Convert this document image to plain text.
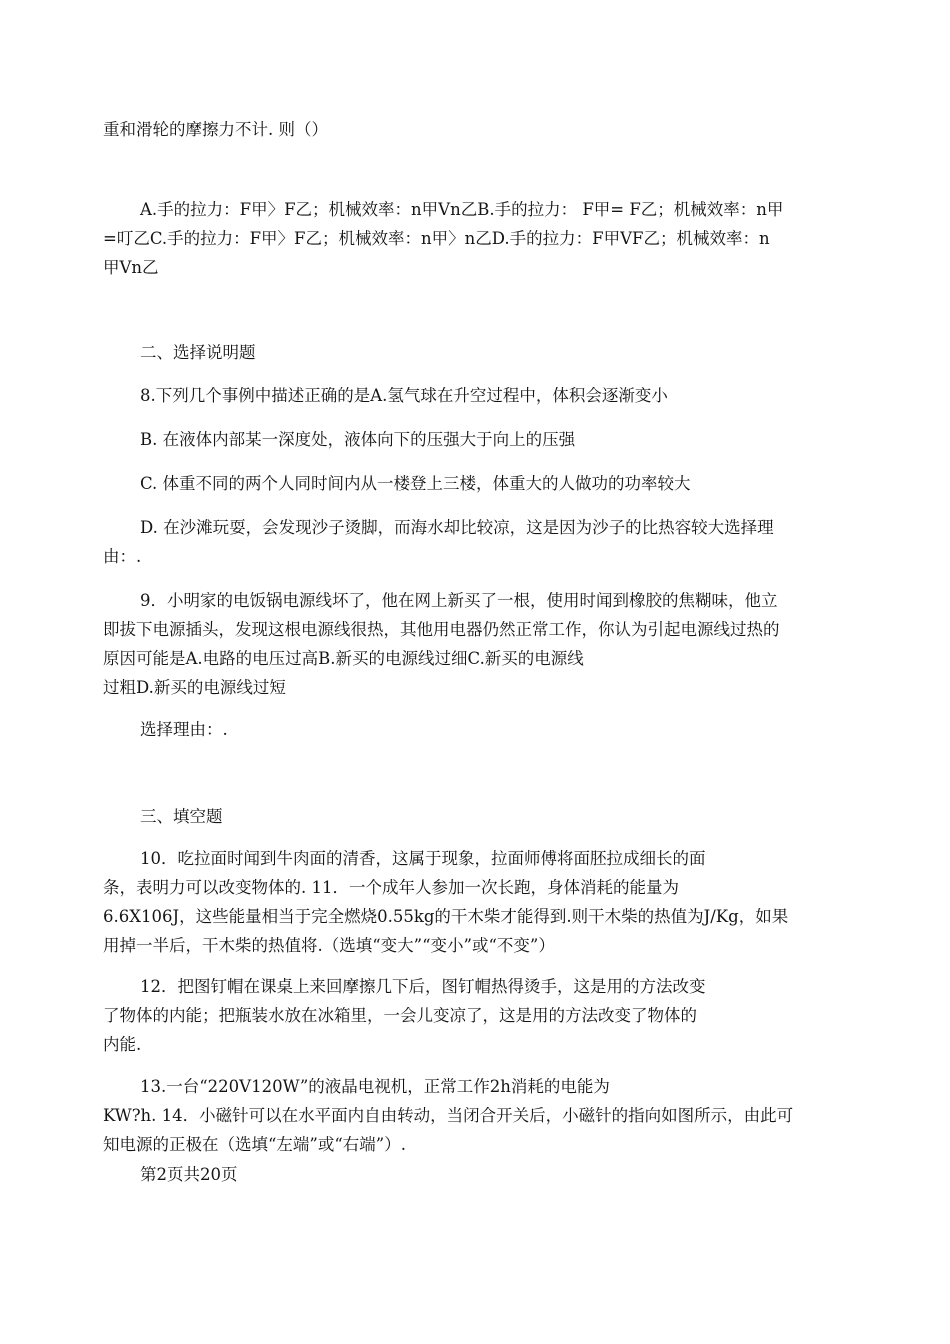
重和滑轮的摩擦力不计. 则（）
A.手的拉力：F甲〉F乙；机械效率：n甲Vn乙B.手的拉力： F甲= F乙；机械效率：n甲
=叮乙C.手的拉力：F甲〉F乙；机械效率：n甲〉n乙D.手的拉力：F甲VF乙；机械效率：n
甲Vn乙
二、选择说明题
8.下列几个事例中描述正确的是A.氢气球在升空过程中，体积会逐渐变小
B. 在液体内部某一深度处，液体向下的压强大于向上的压强
C. 体重不同的两个人同时间内从一楼登上三楼，体重大的人做功的功率较大
D. 在沙滩玩耍，会发现沙子烫脚，而海水却比较凉，这是因为沙子的比热容较大选择理
由：.
9．小明家的电饭锅电源线坏了，他在网上新买了一根，使用时闻到橡胶的焦糊味，他立
即拔下电源插头，发现这根电源线很热，其他用电器仍然正常工作，你认为引起电源线过热的
原因可能是A.电路的电压过高B.新买的电源线过细C.新买的电源线
过粗D.新买的电源线过短
选择理由：.
三、填空题
10．吃拉面时闻到牛肉面的清香，这属于现象，拉面师傅将面胚拉成细长的面
条，表明力可以改变物体的. 11．一个成年人参加一次长跑，身体消耗的能量为
6.6X106J，这些能量相当于完全燃烧0.55kg的干木柴才能得到.则干木柴的热值为J/Kg，如果
用掉一半后，干木柴的热值将.（选填“变大”“变小”或“不变”）
12．把图钉帽在课桌上来回摩擦几下后，图钉帽热得烫手，这是用的方法改变
了物体的内能；把瓶装水放在冰箱里，一会儿变凉了，这是用的方法改变了物体的
内能.
13.一台“220V120W”的液晶电视机，正常工作2h消耗的电能为
KW?h. 14．小磁针可以在水平面内自由转动，当闭合开关后，小磁针的指向如图所示，由此可
知电源的正极在（选填“左端”或“右端”）.
第2页共20页
